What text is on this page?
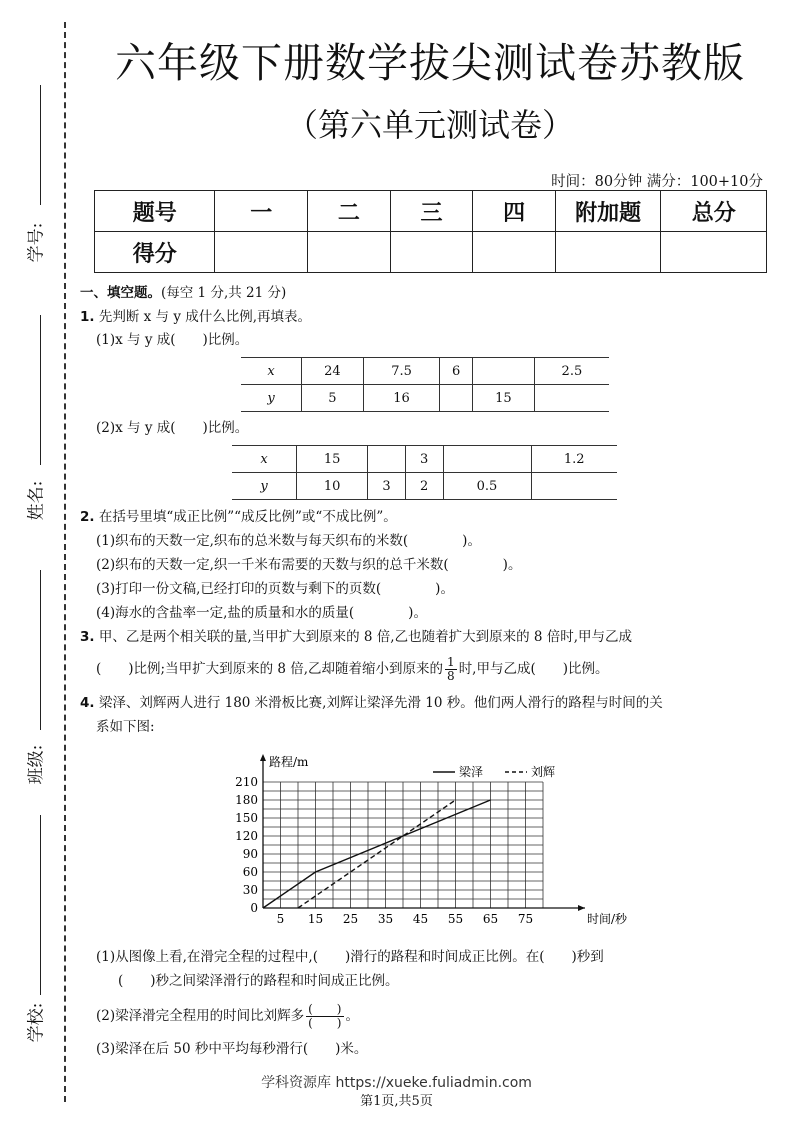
学号:
姓名:
班级:
学校:
六年级下册数学拔尖测试卷苏教版
（第六单元测试卷）
时间：80分钟 满分：100+10分
题号	一	二	三	四	附加题	总分
得分						
一、填空题。(每空 1 分,共 21 分)
1. 先判断 x 与 y 成什么比例,再填表。
(1)x 与 y 成(　　)比例。
x	24	7.5	6		2.5
y	5	16		15	
(2)x 与 y 成(　　)比例。
x	15		3		1.2
y	10	3	2	0.5	
2. 在括号里填“成正比例”“成反比例”或“不成比例”。
(1)织布的天数一定,织布的总米数与每天织布的米数(　　　　)。
(2)织布的天数一定,织一千米布需要的天数与织的总千米数(　　　　)。
(3)打印一份文稿,已经打印的页数与剩下的页数(　　　　)。
(4)海水的含盐率一定,盐的质量和水的质量(　　　　)。
3. 甲、乙是两个相关联的量,当甲扩大到原来的 8 倍,乙也随着扩大到原来的 8 倍时,甲与乙成
(　　)比例;当甲扩大到原来的 8 倍,乙却随着缩小到原来的 $\frac{1}{8}$ 时,甲与乙成(　　)比例。
4. 梁泽、刘辉两人进行 180 米滑板比赛,刘辉让梁泽先滑 10 秒。他们两人滑行的路程与时间的关
系如下图:
5 15 25 35 45 55 65 75
0
30
60
90
120
150
180
210
时间/秒
路程/m
梁泽	刘辉
(1)从图像上看,在滑完全程的过程中,(　　)滑行的路程和时间成正比例。在(　　)秒到
(　　)秒之间梁泽滑行的路程和时间成正比例。
(2)梁泽滑完全程用的时间比刘辉多 $\frac{( )}{( )}$ 。
(3)梁泽在后 50 秒中平均每秒滑行(　　)米。
学科资源库 https://xueke.fuliadmin.com
第1页,共5页
